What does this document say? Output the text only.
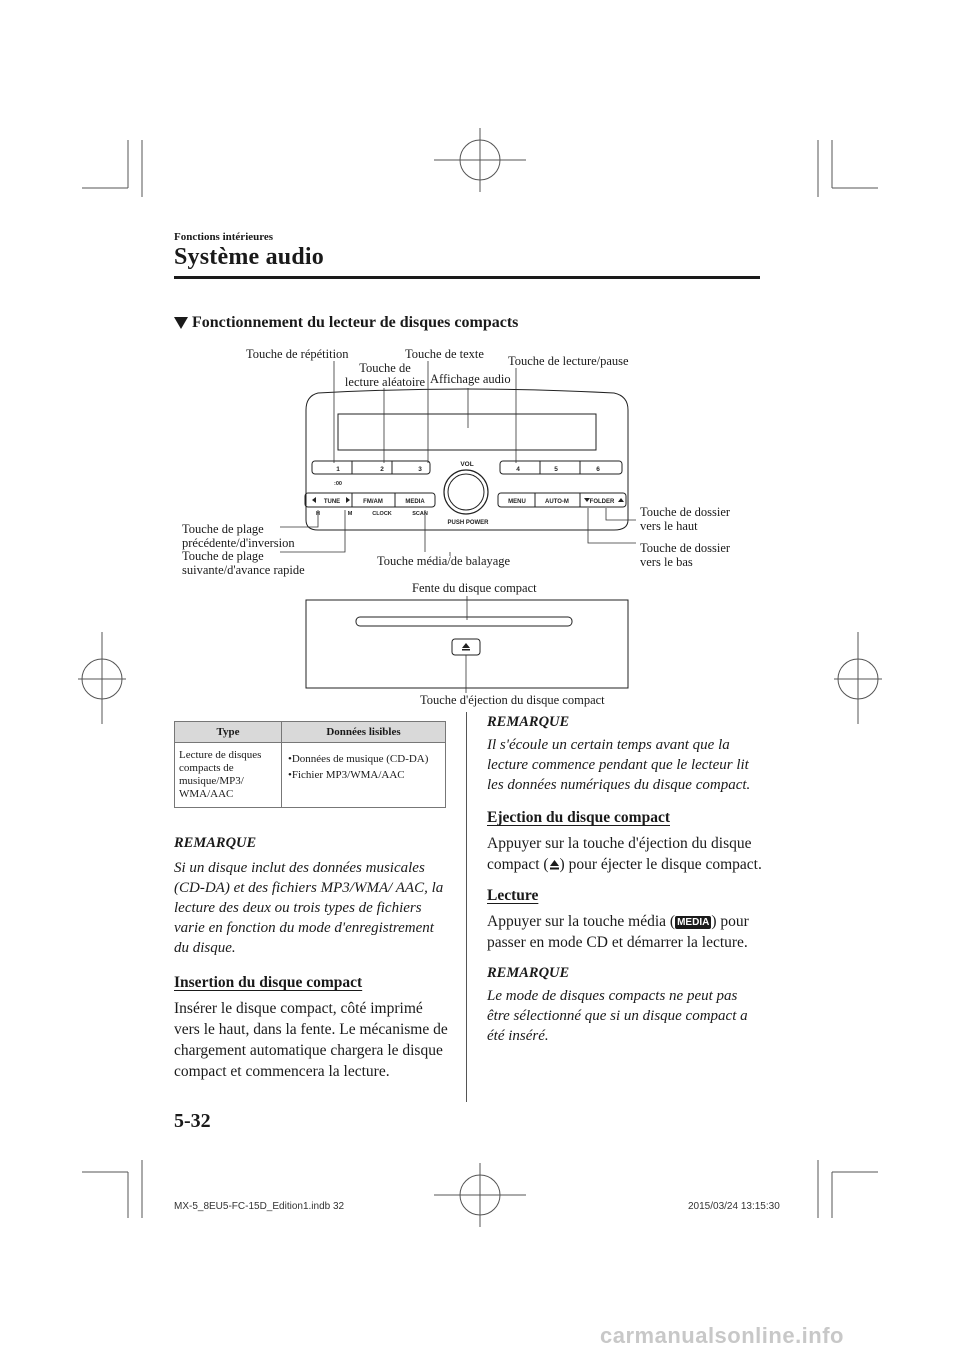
Fonctions intérieures
Système audio
Fonctionnement du lecteur de disques compacts
1	2	3	4	5	6
:00
VOL
TUNE	FM/AM	MEDIA	MENU	AUTO-M	FOLDER
H	M	CLOCK	SCAN
PUSH POWER
Touche de répétition
Touche de
lecture aléatoire
Touche de texte
Affichage audio
Touche de lecture/pause
Touche de plage
précédente/d'inversion
Touche de plage
suivante/d'avance rapide
Touche média/de balayage
Touche de dossier
vers le haut
Touche de dossier
vers le bas
Fente du disque compact
Touche d'éjection du disque compact
Type	Données lisibles
Lecture de disques compacts de musique/MP3/ WMA/AAC	•Données de musique (CD-DA)
•Fichier MP3/WMA/AAC
REMARQUE
Si un disque inclut des données musicales (CD-DA) et des fichiers MP3/WMA/ AAC, la lecture des deux ou trois types de fichiers varie en fonction du mode d'enregistrement du disque.
Insertion du disque compact
Insérer le disque compact, côté imprimé vers le haut, dans la fente. Le mécanisme de chargement automatique chargera le disque compact et commencera la lecture.
REMARQUE
Il s'écoule un certain temps avant que la lecture commence pendant que le lecteur lit les données numériques du disque compact.
Ejection du disque compact
Appuyer sur la touche d'éjection du disque compact ( ) pour éjecter le disque compact.
Lecture
Appuyer sur la touche média ( MEDIA ) pour passer en mode CD et démarrer la lecture.
REMARQUE
Le mode de disques compacts ne peut pas être sélectionné que si un disque compact a été inséré.
5-32
MX-5_8EU5-FC-15D_Edition1.indb 32	2015/03/24 13:15:30
carmanualsonline.info
